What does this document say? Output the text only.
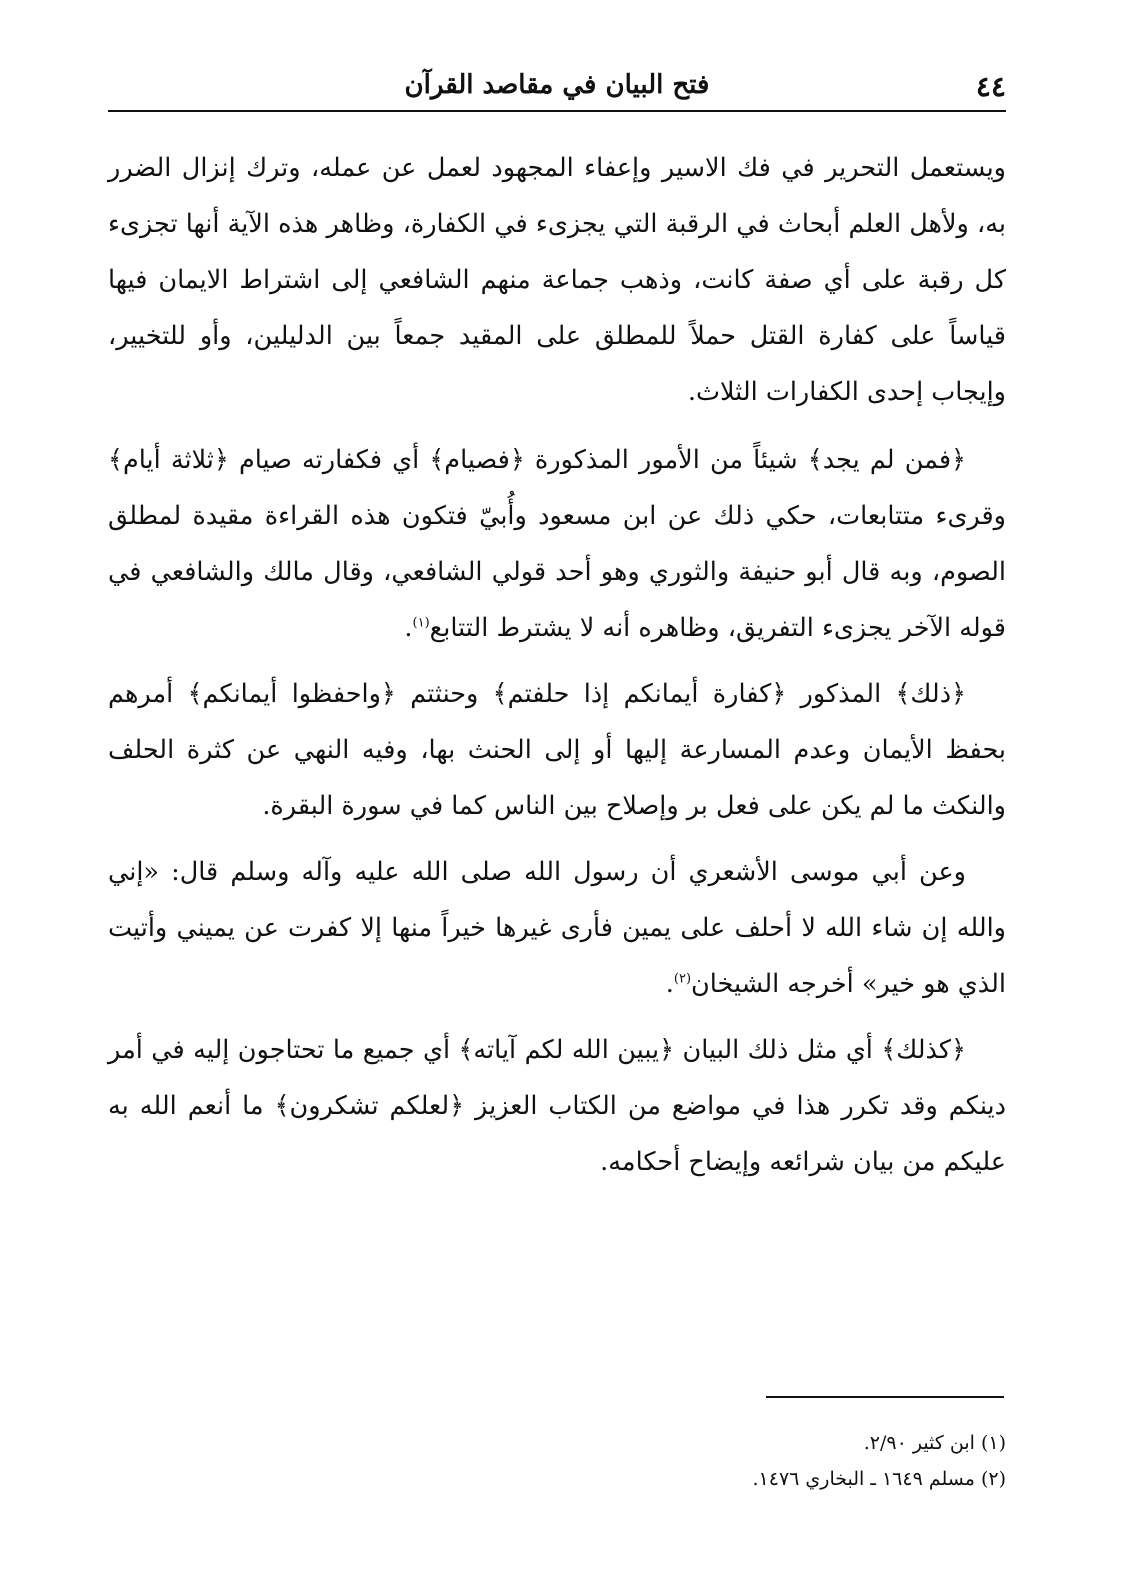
٤٤
فتح البيان في مقاصد القرآن

ويستعمل التحرير في فك الاسير وإعفاء المجهود لعمل عن عمله، وترك إنزال الضرر به، ولأهل العلم أبحاث في الرقبة التي يجزىء في الكفارة، وظاهر هذه الآية أنها تجزىء كل رقبة على أي صفة كانت، وذهب جماعة منهم الشافعي إلى اشتراط الايمان فيها قياساً على كفارة القتل حملاً للمطلق على المقيد جمعاً بين الدليلين، وأو للتخيير، وإيجاب إحدى الكفارات الثلاث.

﴿فمن لم يجد﴾ شيئاً من الأمور المذكورة ﴿فصيام﴾ أي فكفارته صيام ﴿ثلاثة أيام﴾ وقرىء متتابعات، حكي ذلك عن ابن مسعود وأُبيّ فتكون هذه القراءة مقيدة لمطلق الصوم، وبه قال أبو حنيفة والثوري وهو أحد قولي الشافعي، وقال مالك والشافعي في قوله الآخر يجزىء التفريق، وظاهره أنه لا يشترط التتابع$^{(١)}$.

﴿ذلك﴾ المذكور ﴿كفارة أيمانكم إذا حلفتم﴾ وحنثتم ﴿واحفظوا أيمانكم﴾ أمرهم بحفظ الأيمان وعدم المسارعة إليها أو إلى الحنث بها، وفيه النهي عن كثرة الحلف والنكث ما لم يكن على فعل بر وإصلاح بين الناس كما في سورة البقرة.

وعن أبي موسى الأشعري أن رسول الله صلى الله عليه وآله وسلم قال: «إني والله إن شاء الله لا أحلف على يمين فأرى غيرها خيراً منها إلا كفرت عن يميني وأتيت الذي هو خير» أخرجه الشيخان$^{(٢)}$.

﴿كذلك﴾ أي مثل ذلك البيان ﴿يبين الله لكم آياته﴾ أي جميع ما تحتاجون إليه في أمر دينكم وقد تكرر هذا في مواضع من الكتاب العزيز ﴿لعلكم تشكرون﴾ ما أنعم الله به عليكم من بيان شرائعه وإيضاح أحكامه.

(١) ابن كثير ٢/٩٠.

(٢) مسلم ١٦٤٩ ـ البخاري ١٤٧٦.
